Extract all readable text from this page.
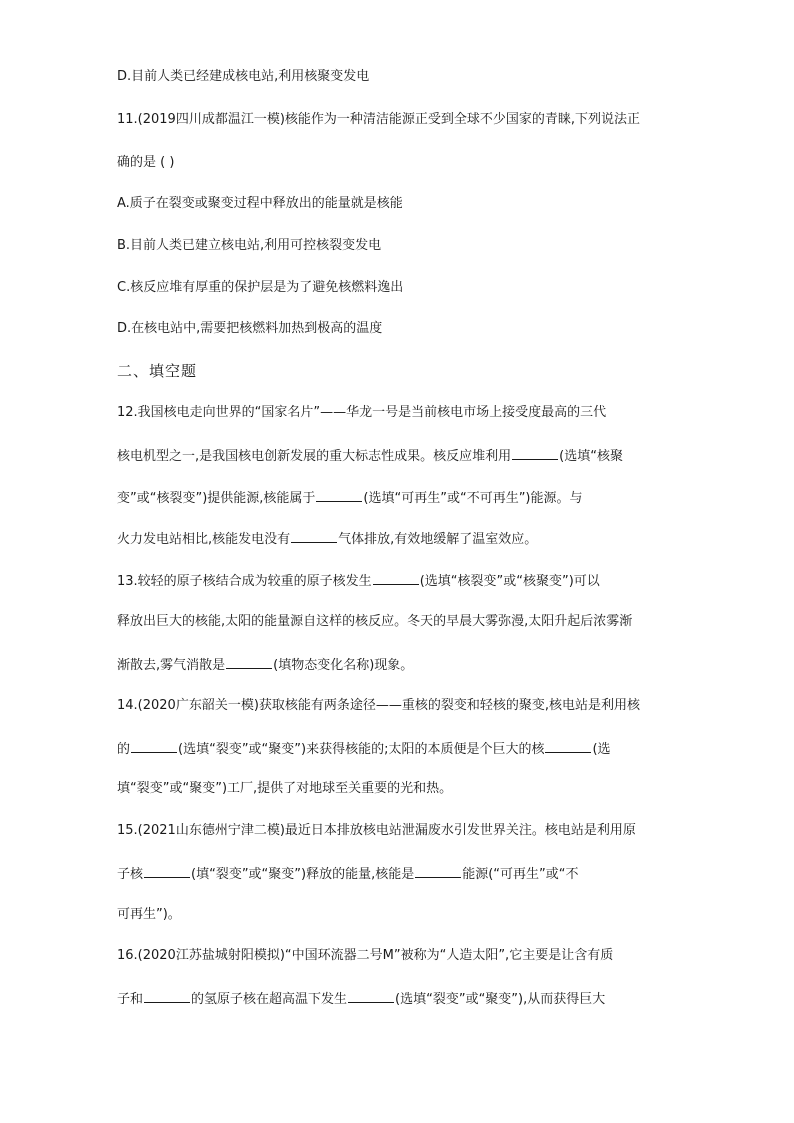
D.目前人类已经建成核电站,利用核聚变发电
11.(2019四川成都温江一模)核能作为一种清洁能源正受到全球不少国家的青睐,下列说法正
确的是 ( )
A.质子在裂变或聚变过程中释放出的能量就是核能
B.目前人类已建立核电站,利用可控核裂变发电
C.核反应堆有厚重的保护层是为了避免核燃料逸出
D.在核电站中,需要把核燃料加热到极高的温度
二、填空题
12.我国核电走向世界的“国家名片”——华龙一号是当前核电市场上接受度最高的三代
核电机型之一,是我国核电创新发展的重大标志性成果。核反应堆利用	(选填“核聚
变”或“核裂变”)提供能源,核能属于	(选填“可再生”或“不可再生”)能源。与
火力发电站相比,核能发电没有	气体排放,有效地缓解了温室效应。
13.较轻的原子核结合成为较重的原子核发生	(选填“核裂变”或“核聚变”)可以
释放出巨大的核能,太阳的能量源自这样的核反应。冬天的早晨大雾弥漫,太阳升起后浓雾渐
渐散去,雾气消散是	(填物态变化名称)现象。
14.(2020广东韶关一模)获取核能有两条途径——重核的裂变和轻核的聚变,核电站是利用核
的	(选填“裂变”或“聚变”)来获得核能的;太阳的本质便是个巨大的核	(选
填“裂变”或“聚变”)工厂,提供了对地球至关重要的光和热。
15.(2021山东德州宁津二模)最近日本排放核电站泄漏废水引发世界关注。核电站是利用原
子核	(填“裂变”或“聚变”)释放的能量,核能是	能源(“可再生”或“不
可再生”)。
16.(2020江苏盐城射阳模拟)“中国环流器二号M”被称为“人造太阳”,它主要是让含有质
子和	的氢原子核在超高温下发生	(选填“裂变”或“聚变”),从而获得巨大
